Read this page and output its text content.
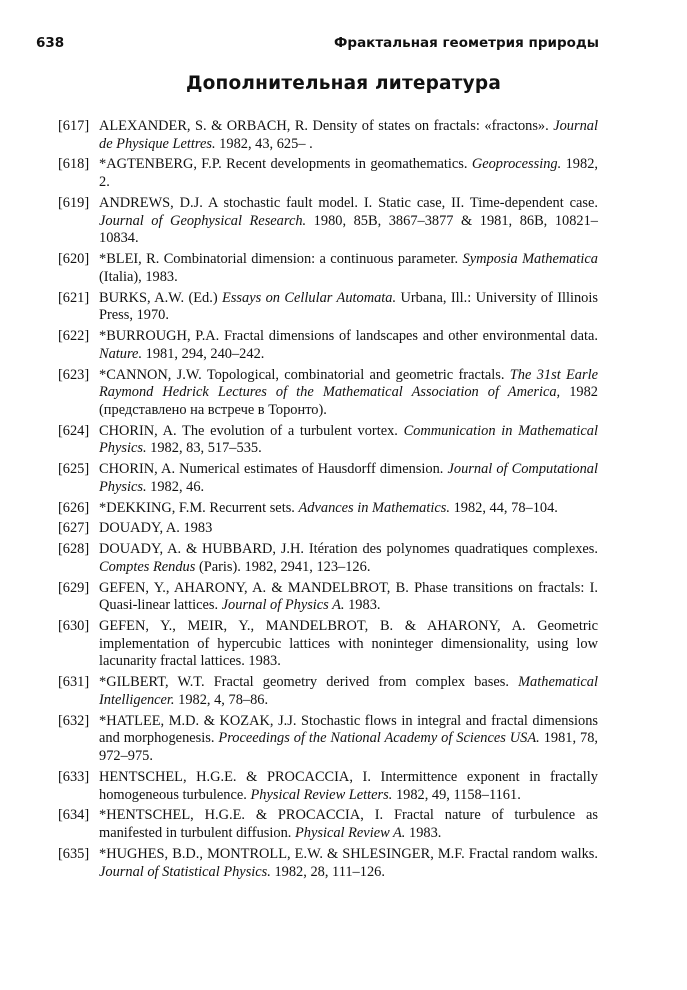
638	Фрактальная геометрия природы
Дополнительная литература
[617] ALEXANDER, S. & ORBACH, R. Density of states on fractals: «fractons». Journal de Physique Lettres. 1982, 43, 625– .
[618] *AGTENBERG, F.P. Recent developments in geomathematics. Geoprocessing. 1982, 2.
[619] ANDREWS, D.J. A stochastic fault model. I. Static case, II. Time-dependent case. Journal of Geophysical Research. 1980, 85B, 3867–3877 & 1981, 86B, 10821–10834.
[620] *BLEI, R. Combinatorial dimension: a continuous parameter. Symposia Mathematica (Italia), 1983.
[621] BURKS, A.W. (Ed.) Essays on Cellular Automata. Urbana, Ill.: University of Illinois Press, 1970.
[622] *BURROUGH, P.A. Fractal dimensions of landscapes and other environmental data. Nature. 1981, 294, 240–242.
[623] *CANNON, J.W. Topological, combinatorial and geometric fractals. The 31st Earle Raymond Hedrick Lectures of the Mathematical Association of America, 1982 (представлено на встрече в Торонто).
[624] CHORIN, A. The evolution of a turbulent vortex. Communication in Mathematical Physics. 1982, 83, 517–535.
[625] CHORIN, A. Numerical estimates of Hausdorff dimension. Journal of Computational Physics. 1982, 46.
[626] *DEKKING, F.M. Recurrent sets. Advances in Mathematics. 1982, 44, 78–104.
[627] DOUADY, A. 1983
[628] DOUADY, A. & HUBBARD, J.H. Itération des polynomes quadratiques complexes. Comptes Rendus (Paris). 1982, 2941, 123–126.
[629] GEFEN, Y., AHARONY, A. & MANDELBROT, B. Phase transitions on fractals: I. Quasi-linear lattices. Journal of Physics A. 1983.
[630] GEFEN, Y., MEIR, Y., MANDELBROT, B. & AHARONY, A. Geometric implementation of hypercubic lattices with noninteger dimensionality, using low lacunarity fractal lattices. 1983.
[631] *GILBERT, W.T. Fractal geometry derived from complex bases. Mathematical Intelligencer. 1982, 4, 78–86.
[632] *HATLEE, M.D. & KOZAK, J.J. Stochastic flows in integral and fractal dimensions and morphogenesis. Proceedings of the National Academy of Sciences USA. 1981, 78, 972–975.
[633] HENTSCHEL, H.G.E. & PROCACCIA, I. Intermittence exponent in fractally homogeneous turbulence. Physical Review Letters. 1982, 49, 1158–1161.
[634] *HENTSCHEL, H.G.E. & PROCACCIA, I. Fractal nature of turbulence as manifested in turbulent diffusion. Physical Review A. 1983.
[635] *HUGHES, B.D., MONTROLL, E.W. & SHLESINGER, M.F. Fractal random walks. Journal of Statistical Physics. 1982, 28, 111–126.
